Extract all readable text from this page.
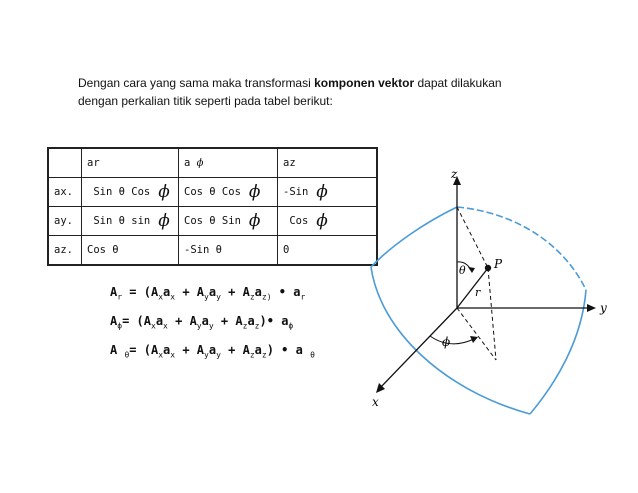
Dengan cara yang sama maka transformasi komponen vektor dapat dilakukan dengan perkalian titik seperti pada tabel berikut:
	ar	a ϕ	az
ax.	Sin θ Cos ϕ	Cos θ Cos ϕ	-Sin ϕ
ay.	Sin θ sin ϕ	Cos θ Sin ϕ	Cos ϕ
az.	Cos θ	-Sin θ	0
$A_r = (A_xa_x + A_ya_y + A_za_{z)}$ • $a_r$
$A_\phi= (A_xa_x + A_ya_y$ + $A_za_z)•$ $a_\phi$
A $_\theta= (A_xa_x + A_ya_y + A_za_z)$ • a $_\theta$
z
y
x
P
θ
r
ϕ
